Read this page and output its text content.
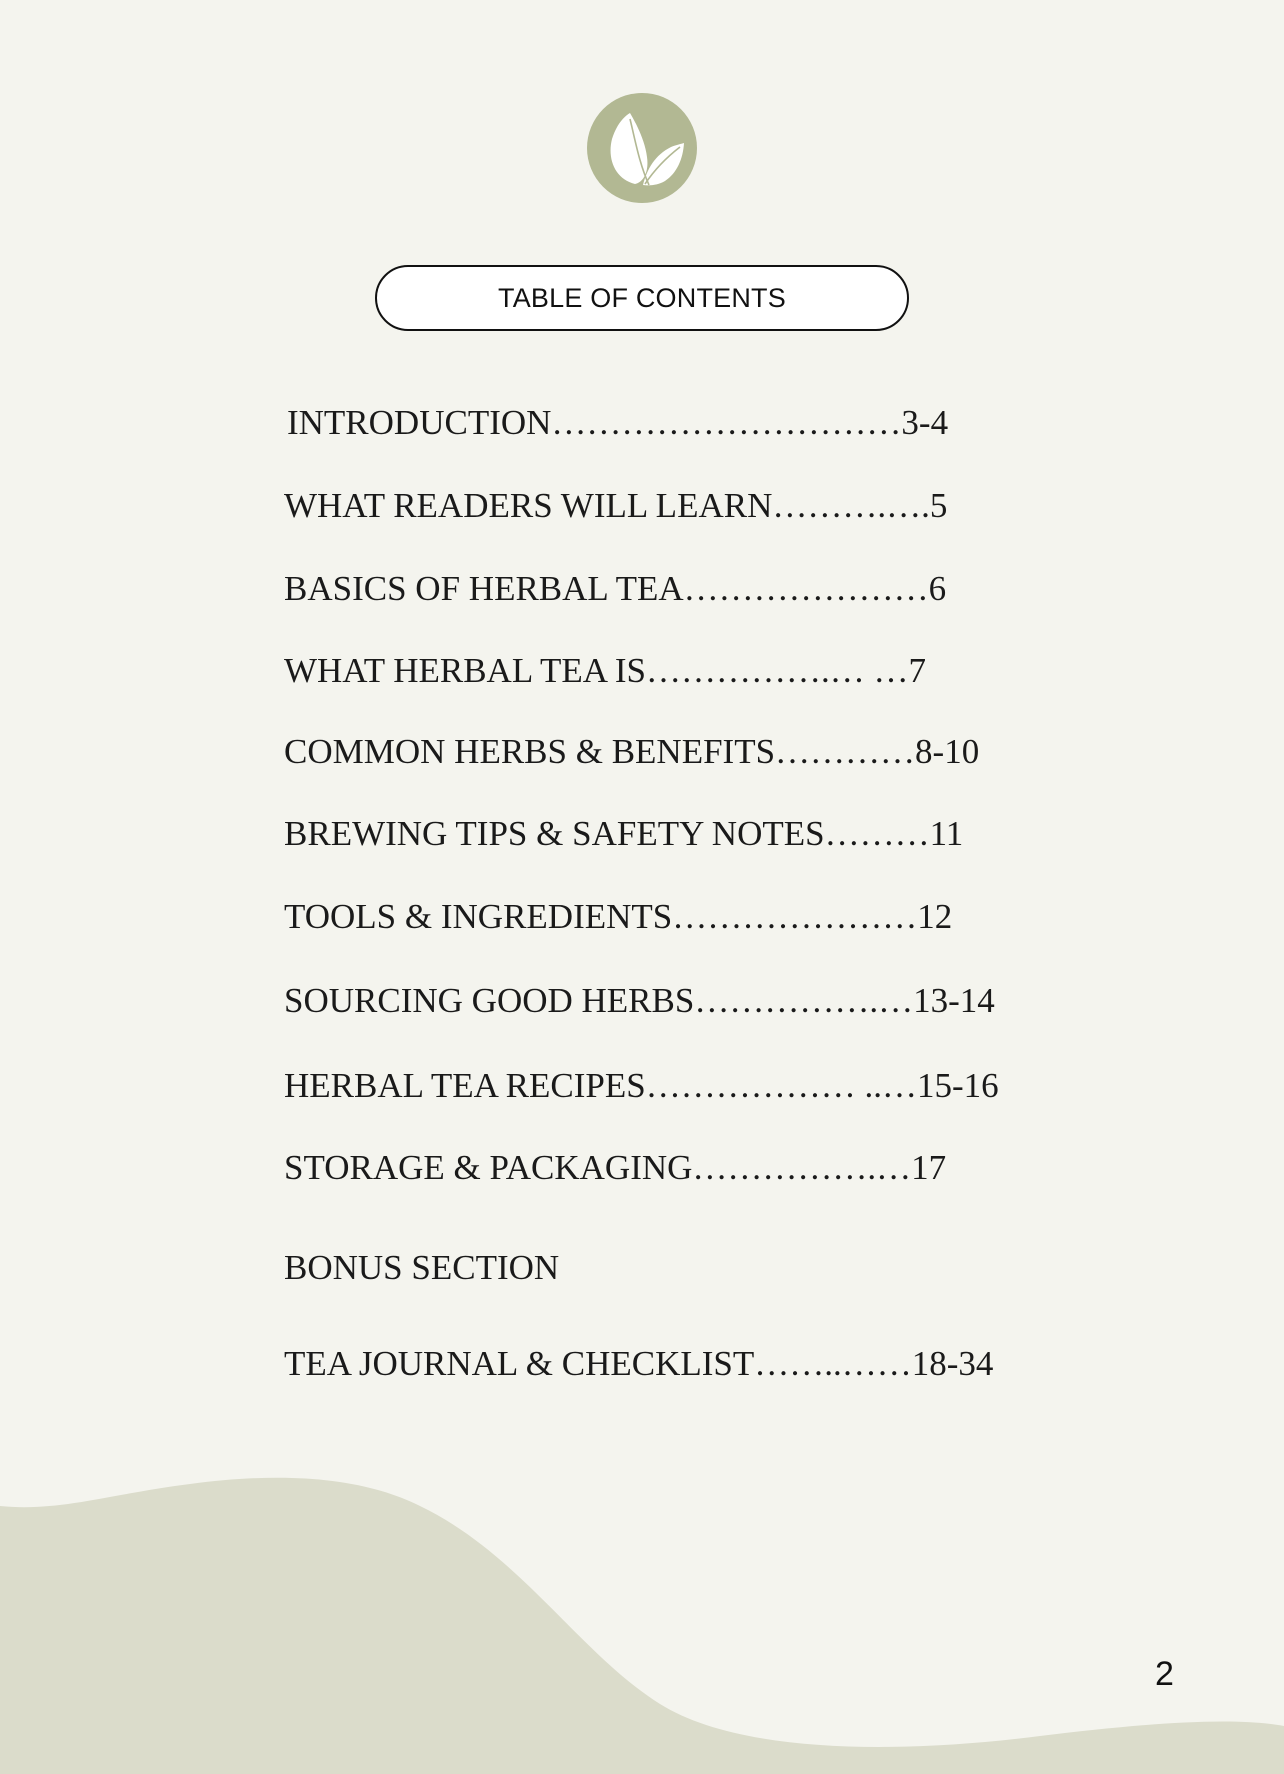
TABLE OF CONTENTS
INTRODUCTION…………………………3-4
WHAT READERS WILL LEARN……….….5
BASICS OF HERBAL TEA…………………6
WHAT HERBAL TEA IS…………….… …7
COMMON HERBS & BENEFITS…………8-10
BREWING TIPS & SAFETY NOTES………11
TOOLS & INGREDIENTS…………………12
SOURCING GOOD HERBS…………….…13-14
HERBAL TEA RECIPES……………… ..…15-16
STORAGE & PACKAGING…………….…17
BONUS SECTION
TEA JOURNAL & CHECKLIST……..……18-34
2
